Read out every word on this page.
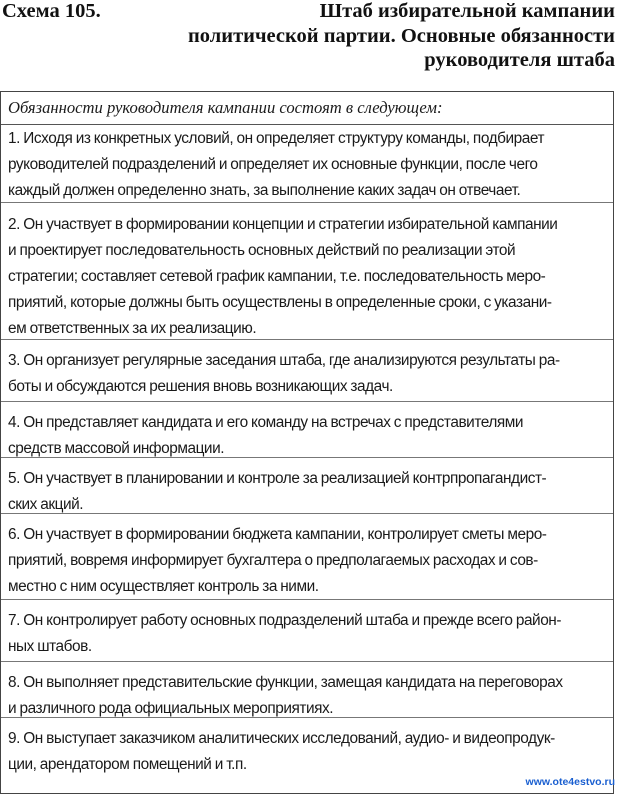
Схема 105.	Штаб избирательной кампании
политической партии. Основные обязанности
руководителя штаба
Обязанности руководителя кампании состоят в следующем:
1. Исходя из конкретных условий, он определяет структуру команды, подбирает
руководителей подразделений и определяет их основные функции, после чего
каждый должен определенно знать, за выполнение каких задач он отвечает.
2. Он участвует в формировании концепции и стратегии избирательной кампании
и проектирует последовательность основных действий по реализации этой
стратегии; составляет сетевой график кампании, т.е. последовательность меро-
приятий, которые должны быть осуществлены в определенные сроки, с указани-
ем ответственных за их реализацию.
3. Он организует регулярные заседания штаба, где анализируются результаты ра-
боты и обсуждаются решения вновь возникающих задач.
4. Он представляет кандидата и его команду на встречах с представителями
средств массовой информации.
5. Он участвует в планировании и контроле за реализацией контрпропагандист-
ских акций.
6. Он участвует в формировании бюджета кампании, контролирует сметы меро-
приятий, вовремя информирует бухгалтера о предполагаемых расходах и сов-
местно с ним осуществляет контроль за ними.
7. Он контролирует работу основных подразделений штаба и прежде всего район-
ных штабов.
8. Он выполняет представительские функции, замещая кандидата на переговорах
и различного рода официальных мероприятиях.
9. Он выступает заказчиком аналитических исследований, аудио- и видеопродук-
ции, арендатором помещений и т.п.
www.ote4estvo.ru
